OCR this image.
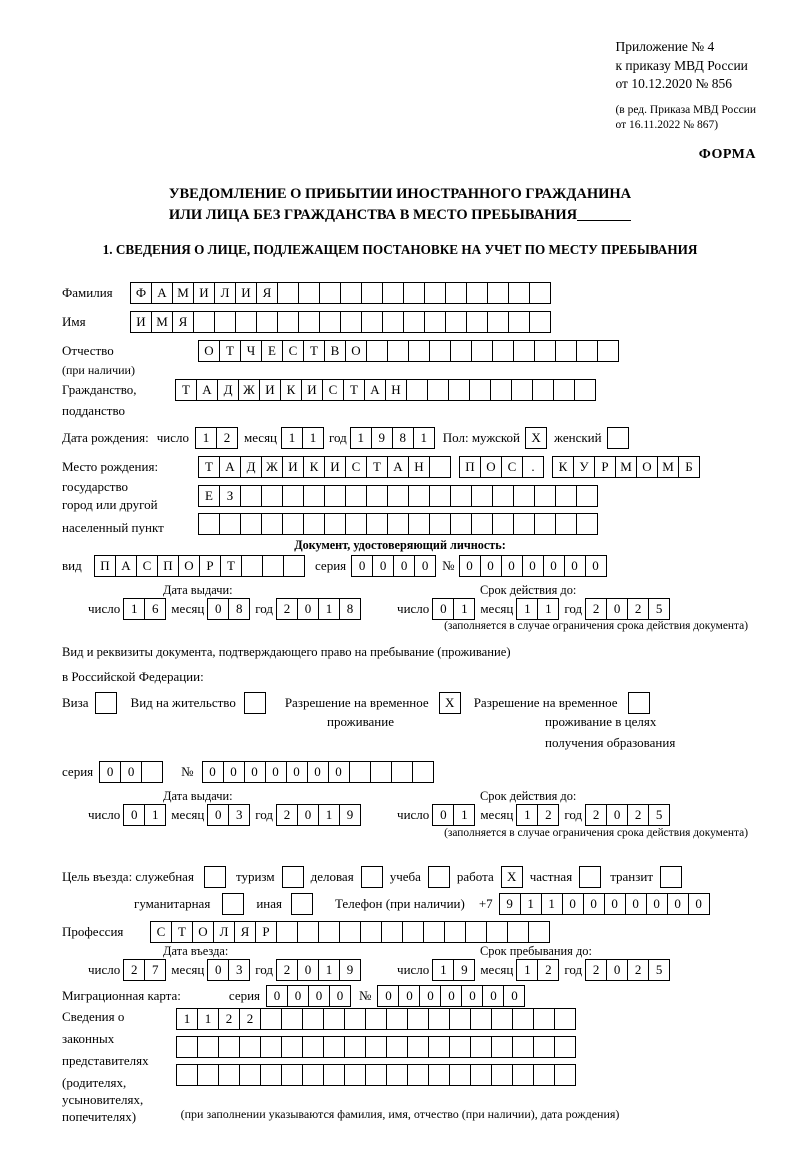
Приложение № 4
к приказу МВД России
от 10.12.2020 № 856
(в ред. Приказа МВД России
от 16.11.2022 № 867)
ФОРМА
УВЕДОМЛЕНИЕ О ПРИБЫТИИ ИНОСТРАННОГО ГРАЖДАНИНА
ИЛИ ЛИЦА БЕЗ ГРАЖДАНСТВА В МЕСТО ПРЕБЫВАНИЯ
1. СВЕДЕНИЯ О ЛИЦЕ, ПОДЛЕЖАЩЕМ ПОСТАНОВКЕ НА УЧЕТ ПО МЕСТУ ПРЕБЫВАНИЯ
Фамилия	Ф А М И Л И Я
Имя	И М Я
Отчество	О Т Ч Е С Т В О
(при наличии)
Гражданство,	Т А Д Ж И К И С Т А Н
подданство
Дата рождения: число	1	2	месяц 1	1 год 1	9	8	1	Пол: мужской Х	женский
Место рождения:	Т А Д Ж И К И С Т А Н	П О С	.	К У Р М О М Б
государство
Е	З
город или другой
населенный пункт
Документ, удостоверяющий личность:
вид	П А С П О Р	Т	серия 0	0	0	0	№ 0	0	0	0	0	0	0
Дата выдачи:	Срок действия до:
число 1	6 месяц 0	8 год 2	0	1	8	число 0	1 месяц 1	1 год 2	0	2	5
(заполняется в случае ограничения срока действия документа)
Вид и реквизиты документа, подтверждающего право на пребывание (проживание)
в Российской Федерации:
Виза	Вид на жительство	Разрешение на временное	Х	Разрешение на временное
проживание	проживание в целях
получения образования
серия	0	0	№	0	0	0	0	0	0	0
Дата выдачи:	Срок действия до:
число 0	1 месяц 0	3 год 2	0	1	9	число 0	1 месяц 1	2 год 2	0	2	5
(заполняется в случае ограничения срока действия документа)
Цель въезда: служебная	туризм	деловая	учеба	работа	Х	частная	транзит
гуманитарная	иная	Телефон (при наличии) +7	9	1	1	0	0	0	0	0	0	0
Профессия	С Т О Л Я	Р
Дата въезда:	Срок пребывания до:
число 2	7 месяц 0	3 год 2	0	1	9	число 1	9 месяц 1	2 год 2	0	2	5
Миграционная карта:	серия	0	0	0	0	№	0	0	0	0	0	0	0
Сведения о
законных
представителях
(родителях,
усыновителях,
попечителях)
1	1	2	2
(при заполнении указываются фамилия, имя, отчество (при наличии), дата рождения)
